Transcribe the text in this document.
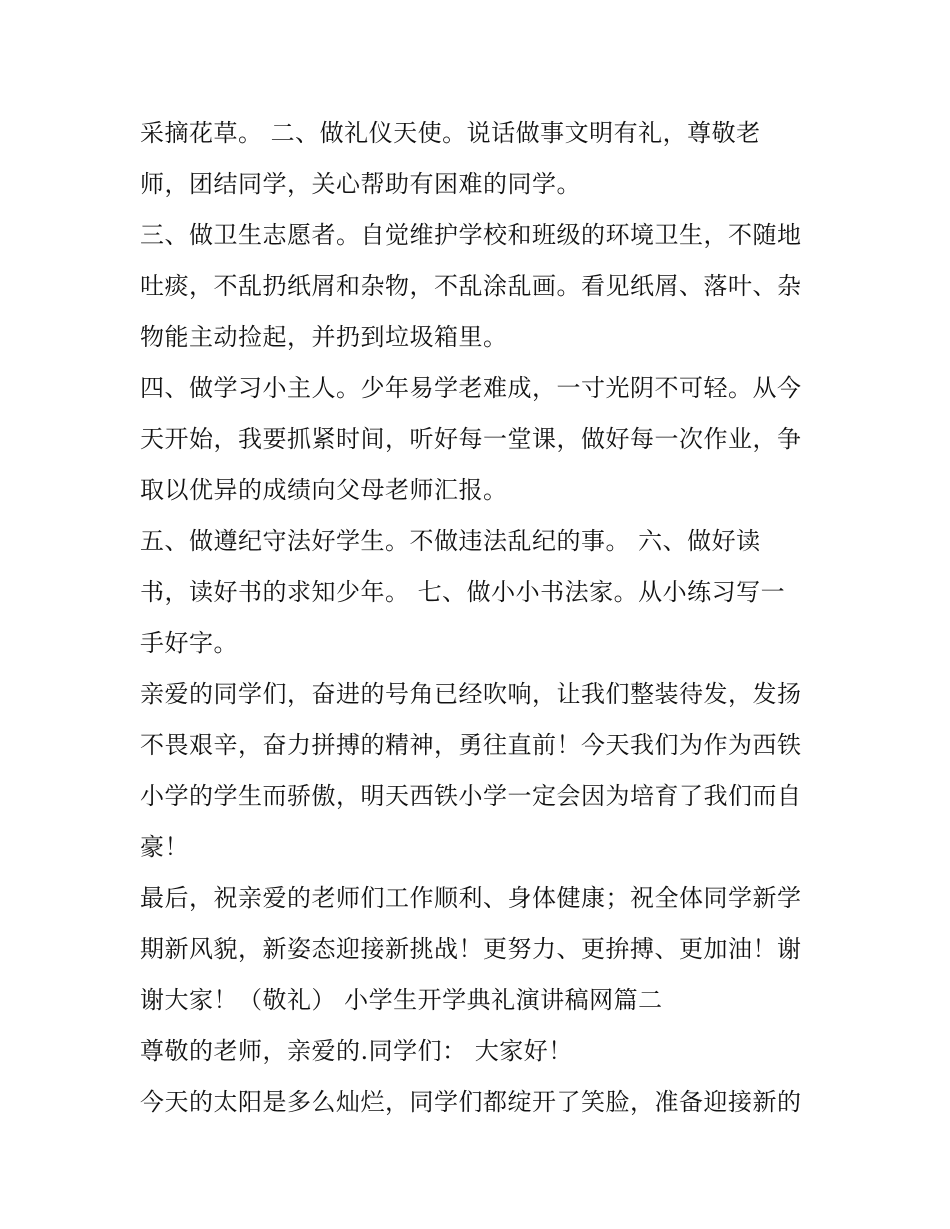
采摘花草。 二、做礼仪天使。说话做事文明有礼，尊敬老
师，团结同学，关心帮助有困难的同学。
三、做卫生志愿者。自觉维护学校和班级的环境卫生，不随地
吐痰，不乱扔纸屑和杂物，不乱涂乱画。看见纸屑、落叶、杂
物能主动捡起，并扔到垃圾箱里。
四、做学习小主人。少年易学老难成，一寸光阴不可轻。从今
天开始，我要抓紧时间，听好每一堂课，做好每一次作业，争
取以优异的成绩向父母老师汇报。
五、做遵纪守法好学生。不做违法乱纪的事。 六、做好读
书，读好书的求知少年。 七、做小小书法家。从小练习写一
手好字。
亲爱的同学们，奋进的号角已经吹响，让我们整装待发，发扬
不畏艰辛，奋力拼搏的精神，勇往直前！今天我们为作为西铁
小学的学生而骄傲，明天西铁小学一定会因为培育了我们而自
豪！
最后，祝亲爱的老师们工作顺利、身体健康；祝全体同学新学
期新风貌，新姿态迎接新挑战！更努力、更拚搏、更加油！谢
谢大家！（敬礼） 小学生开学典礼演讲稿网篇二
尊敬的老师，亲爱的.同学们： 大家好！
今天的太阳是多么灿烂，同学们都绽开了笑脸，准备迎接新的
